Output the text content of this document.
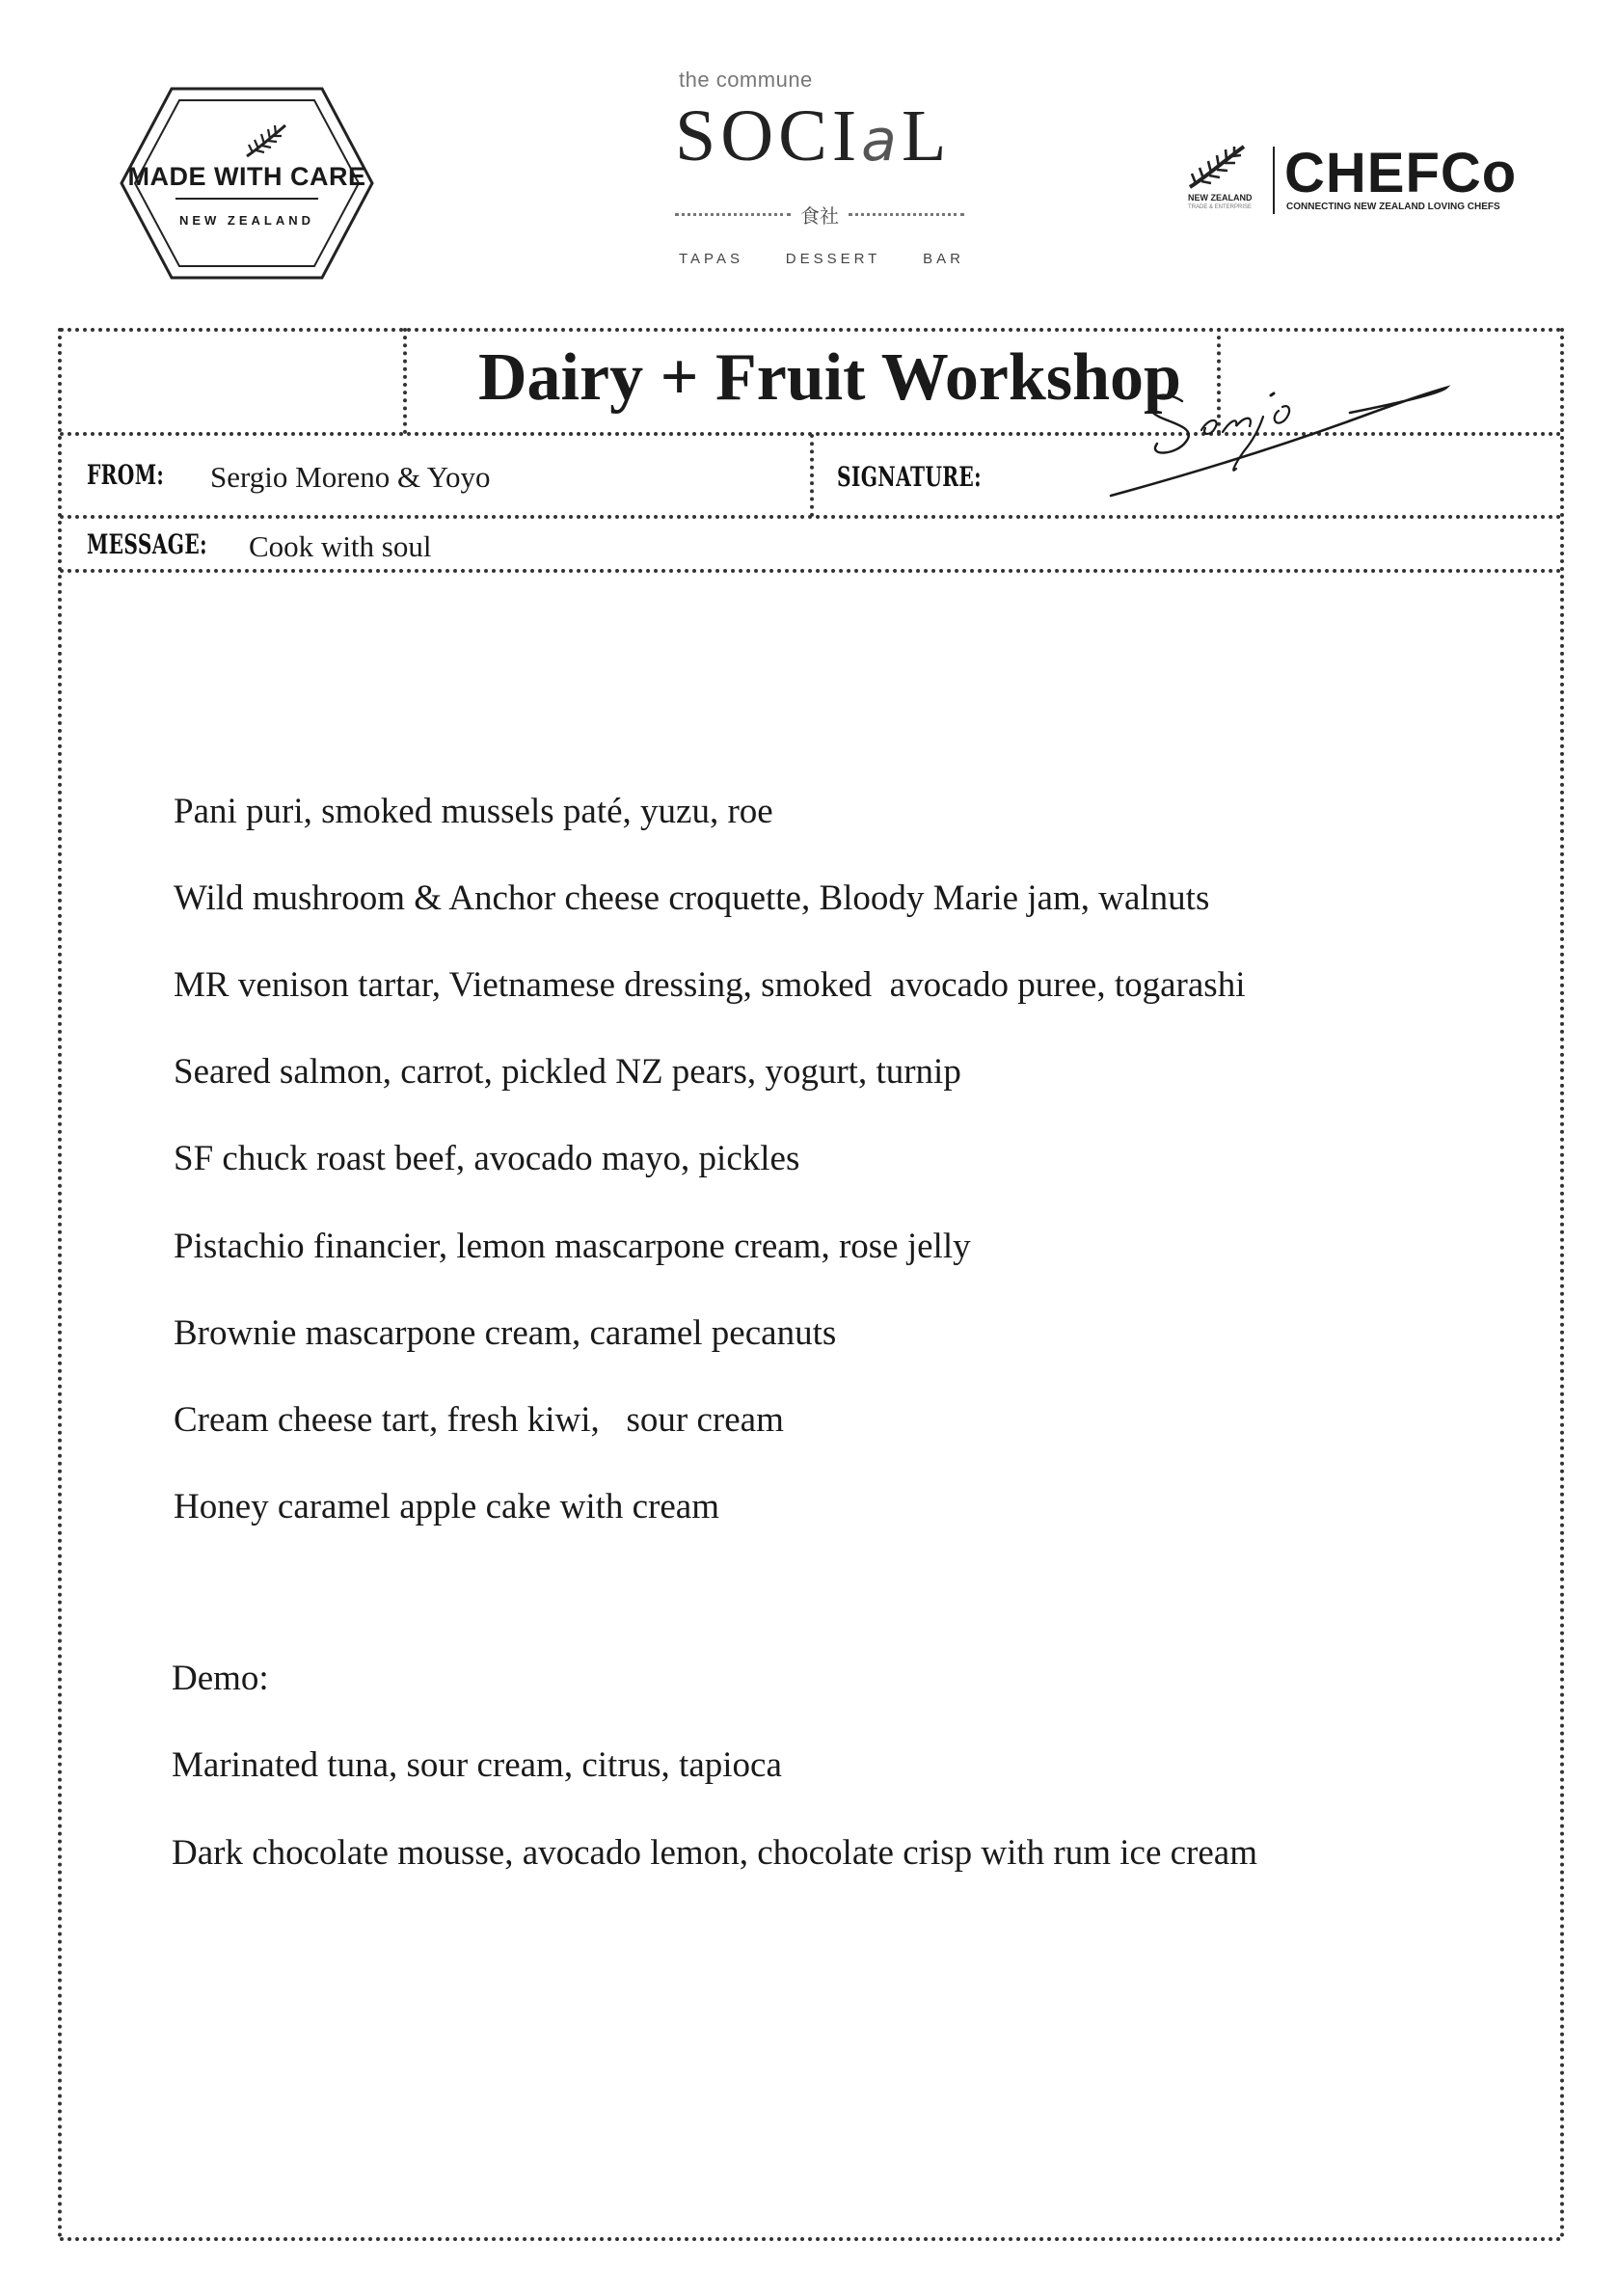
MADE WITH CARE
NEW ZEALAND
the commune
SOCIaL
食社
TAPAS	DESSERT	BAR
NEW ZEALAND
TRADE & ENTERPRISE
CHEFCo
CONNECTING NEW ZEALAND LOVING CHEFS
Dairy + Fruit Workshop
FROM: Sergio Moreno & Yoyo	SIGNATURE:
MESSAGE: Cook with soul
Pani puri, smoked mussels paté, yuzu, roe
Wild mushroom & Anchor cheese croquette, Bloody Marie jam, walnuts
MR venison tartar, Vietnamese dressing, smoked  avocado puree, togarashi
Seared salmon, carrot, pickled NZ pears, yogurt, turnip
SF chuck roast beef, avocado mayo, pickles
Pistachio financier, lemon mascarpone cream, rose jelly
Brownie mascarpone cream, caramel pecanuts
Cream cheese tart, fresh kiwi,   sour cream
Honey caramel apple cake with cream
Demo:
Marinated tuna, sour cream, citrus, tapioca
Dark chocolate mousse, avocado lemon, chocolate crisp with rum ice cream
